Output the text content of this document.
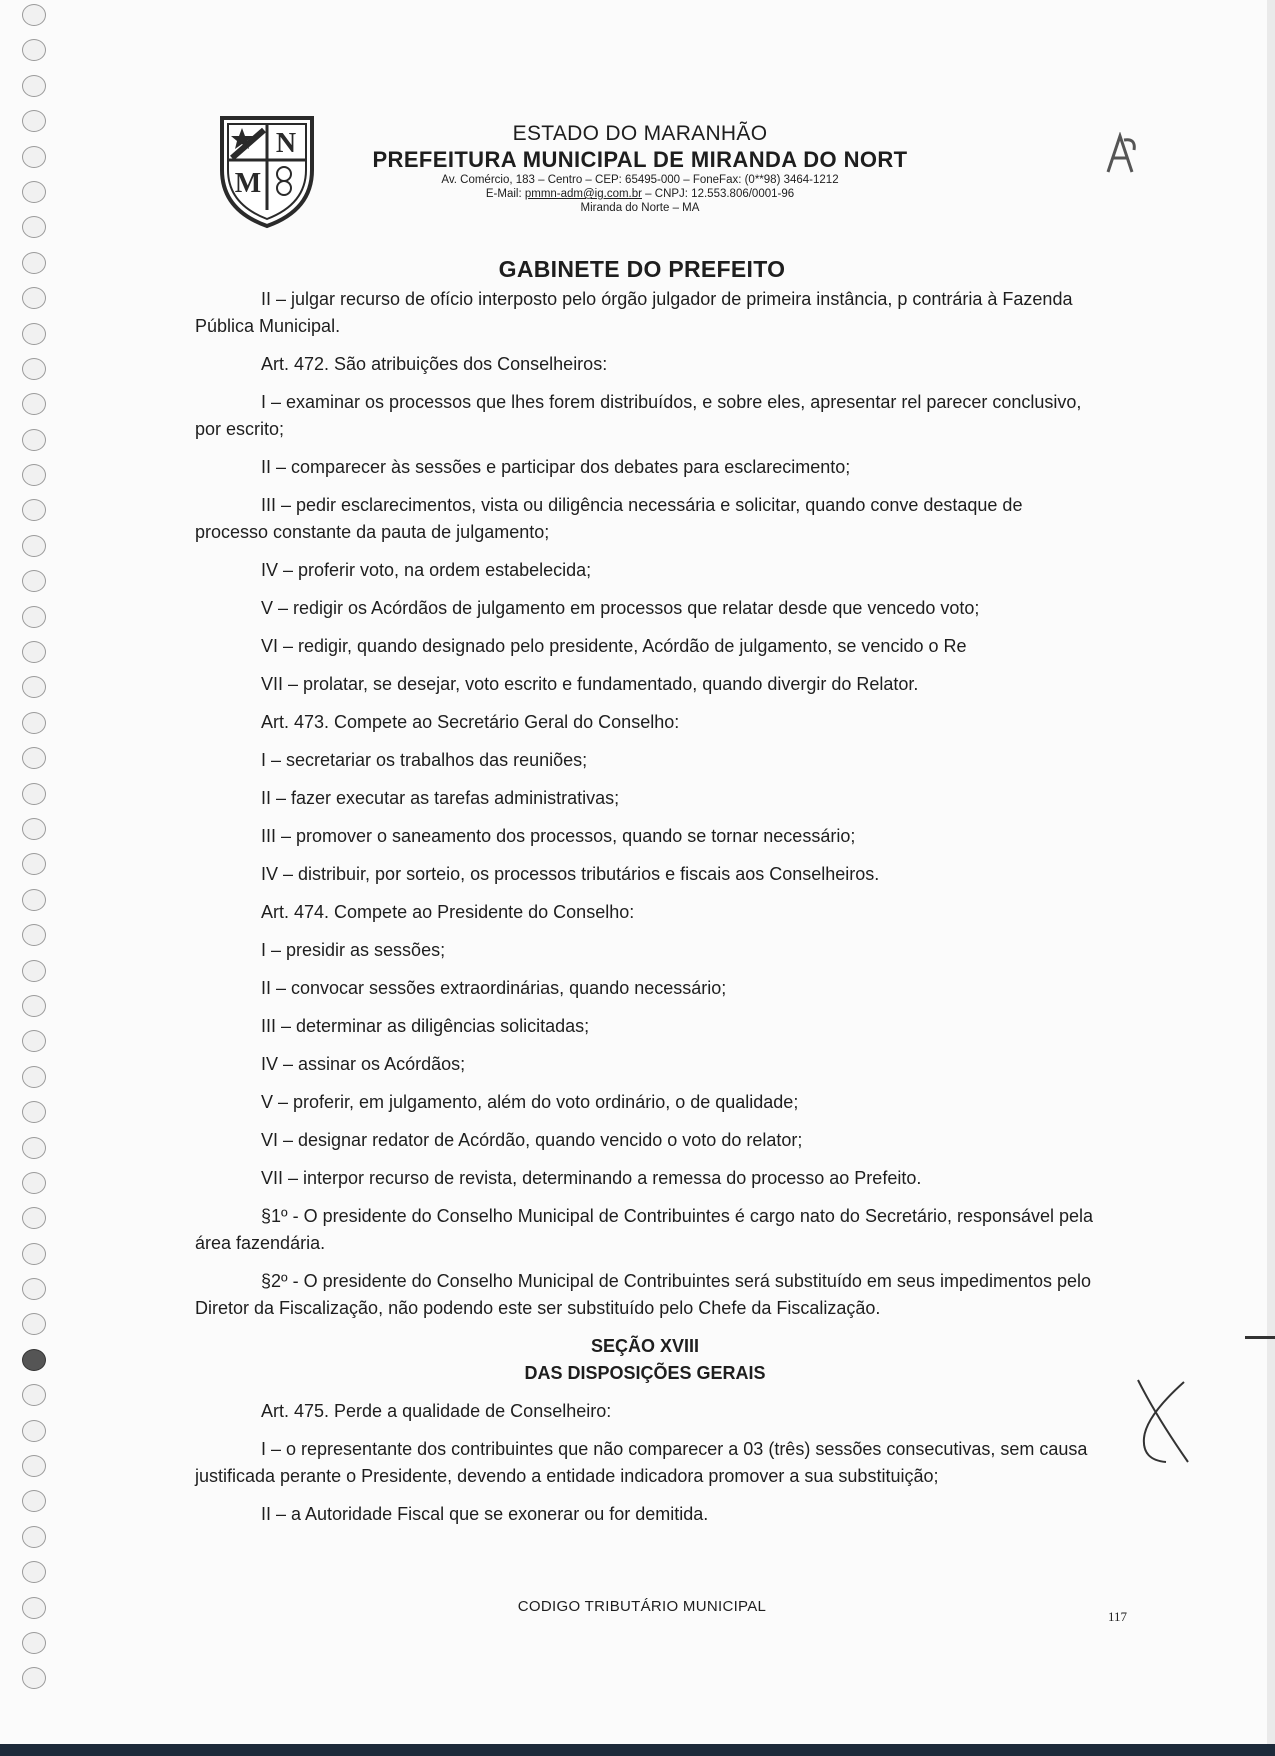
N
M
ESTADO DO MARANHÃO
PREFEITURA MUNICIPAL DE MIRANDA DO NORT
Av. Comércio, 183 – Centro – CEP: 65495-000 – FoneFax: (0**98) 3464-1212
E-Mail: pmmn-adm@ig.com.br – CNPJ: 12.553.806/0001-96
Miranda do Norte – MA
GABINETE DO PREFEITO

II – julgar recurso de ofício interposto pelo órgão julgador de primeira instância, p contrária à Fazenda Pública Municipal.

Art. 472. São atribuições dos Conselheiros:

I – examinar os processos que lhes forem distribuídos, e sobre eles, apresentar rel parecer conclusivo, por escrito;

II – comparecer às sessões e participar dos debates para esclarecimento;

III – pedir esclarecimentos, vista ou diligência necessária e solicitar, quando conve destaque de processo constante da pauta de julgamento;

IV – proferir voto, na ordem estabelecida;

V – redigir os Acórdãos de julgamento em processos que relatar desde que vencedo voto;

VI – redigir, quando designado pelo presidente, Acórdão de julgamento, se vencido o Re

VII – prolatar, se desejar, voto escrito e fundamentado, quando divergir do Relator.

Art. 473. Compete ao Secretário Geral do Conselho:

I – secretariar os trabalhos das reuniões;

II – fazer executar as tarefas administrativas;

III – promover o saneamento dos processos, quando se tornar necessário;

IV – distribuir, por sorteio, os processos tributários e fiscais aos Conselheiros.

Art. 474. Compete ao Presidente do Conselho:

I – presidir as sessões;

II – convocar sessões extraordinárias, quando necessário;

III – determinar as diligências solicitadas;

IV – assinar os Acórdãos;

V – proferir, em julgamento, além do voto ordinário, o de qualidade;

VI – designar redator de Acórdão, quando vencido o voto do relator;

VII – interpor recurso de revista, determinando a remessa do processo ao Prefeito.

§1º - O presidente do Conselho Municipal de Contribuintes é cargo nato do Secretário, responsável pela área fazendária.

§2º - O presidente do Conselho Municipal de Contribuintes será substituído em seus impedimentos pelo Diretor da Fiscalização, não podendo este ser substituído pelo Chefe da Fiscalização.

SEÇÃO XVIII

DAS DISPOSIÇÕES GERAIS

Art. 475. Perde a qualidade de Conselheiro:

I – o representante dos contribuintes que não comparecer a 03 (três) sessões consecutivas, sem causa justificada perante o Presidente, devendo a entidade indicadora promover a sua substituição;

II – a Autoridade Fiscal que se exonerar ou for demitida.

CODIGO TRIBUTÁRIO MUNICIPAL
117
